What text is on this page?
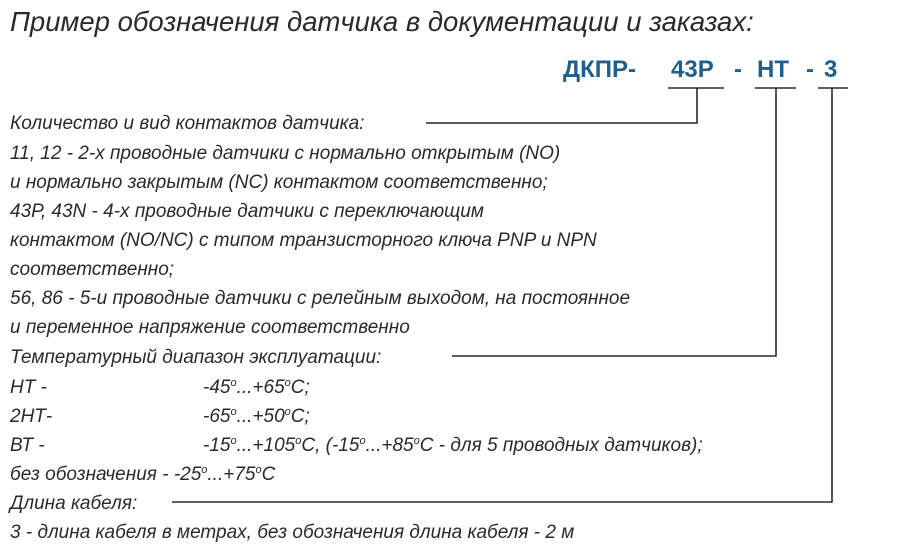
Пример обозначения датчика в документации и заказах:
ДКПР- 43Р - НТ - 3
Количество и вид контактов датчика:
11, 12 - 2-х проводные датчики с нормально открытым (NO)
и нормально закрытым (NC) контактом соответственно;
43Р, 43N - 4-х проводные датчики с переключающим
контактом (NO/NC) с типом транзисторного ключа PNP и NPN
соответственно;
56, 86 - 5-и проводные датчики с релейным выходом, на постоянное
и переменное напряжение соответственно
Температурный диапазон эксплуатации:
НТ -	$-45^o...+65^oC$;
2НТ-	$-65^o...+50^oC$;
ВТ -	$-15^o...+105^oC$, ($-15^o...+85^oC$ - для 5 проводных датчиков);
без обозначения - $-25^o...+75^oC$
Длина кабеля:
3 - длина кабеля в метрах, без обозначения длина кабеля - 2 м
